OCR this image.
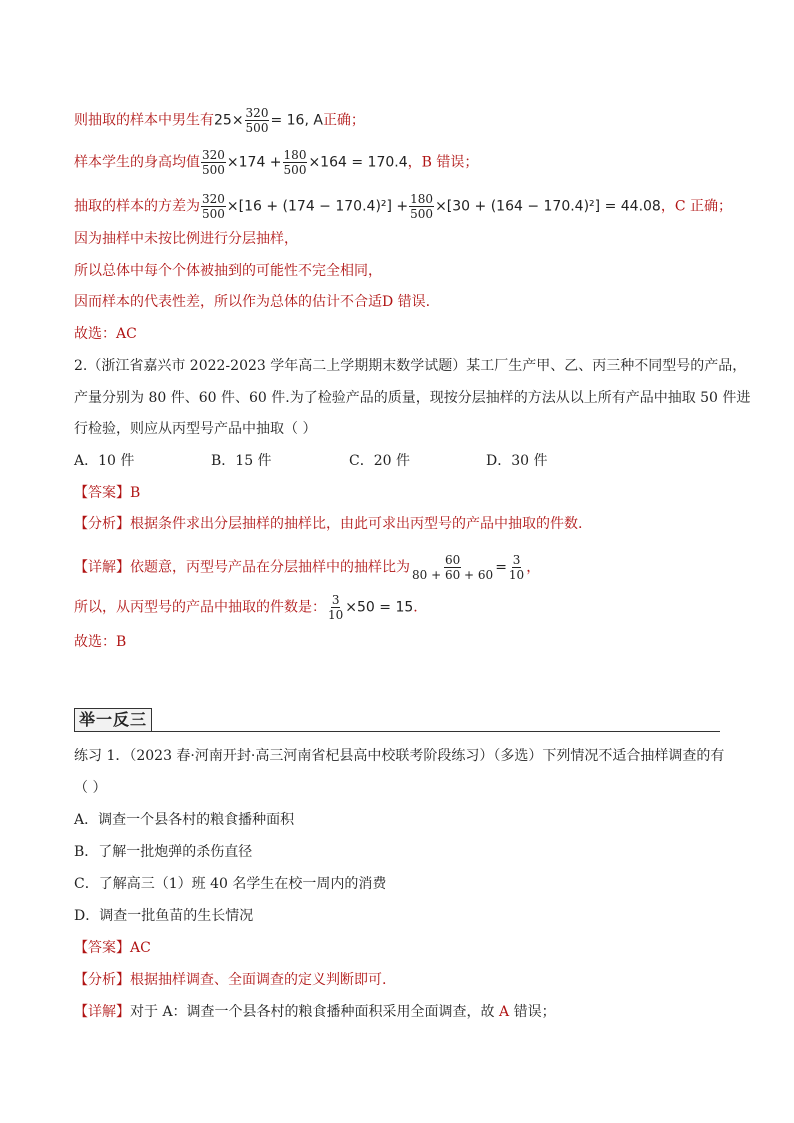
则抽取的样本中男生有$25\times \frac{320}{500} = 16$, A正确；
样本学生的身高均值 $\frac{320}{500} \times 174 + \frac{180}{500} \times 164 = 170.4$，B 错误；
抽取的样本的方差为 $\frac{320}{500} \times[16 + (174 - 170.4)^2] + \frac{180}{500} \times[30 + (164 - 170.4)^2] = 44.08$，C 正确；
因为抽样中未按比例进行分层抽样，
所以总体中每个个体被抽到的可能性不完全相同，
因而样本的代表性差，所以作为总体的估计不合适D 错误.
故选：AC
2.（浙江省嘉兴市 2022-2023 学年高二上学期期末数学试题）某工厂生产甲、乙、丙三种不同型号的产品，
产量分别为 80 件、60 件、60 件.为了检验产品的质量，现按分层抽样的方法从以上所有产品中抽取 50 件进
行检验，则应从丙型号产品中抽取（ ）
A．10 件	B．15 件	C．20 件	D．30 件
【答案】B
【分析】根据条件求出分层抽样的抽样比，由此可求出丙型号的产品中抽取的件数.
【详解】依题意，丙型号产品在分层抽样中的抽样比为 $\frac{60}{80 + 60 + 60} = \frac{3}{10}$ ，
所以，从丙型号的产品中抽取的件数是： $\frac{3}{10} \times 50 = 15$.
故选：B
举一反三
练习 1．（2023 春·河南开封·高三河南省杞县高中校联考阶段练习）（多选）下列情况不适合抽样调查的有
（ ）
A．调查一个县各村的粮食播种面积
B．了解一批炮弹的杀伤直径
C．了解高三（1）班 40 名学生在校一周内的消费
D．调查一批鱼苗的生长情况
【答案】AC
【分析】根据抽样调查、全面调查的定义判断即可.
【详解】对于 A：调查一个县各村的粮食播种面积采用全面调查，故 A 错误；
